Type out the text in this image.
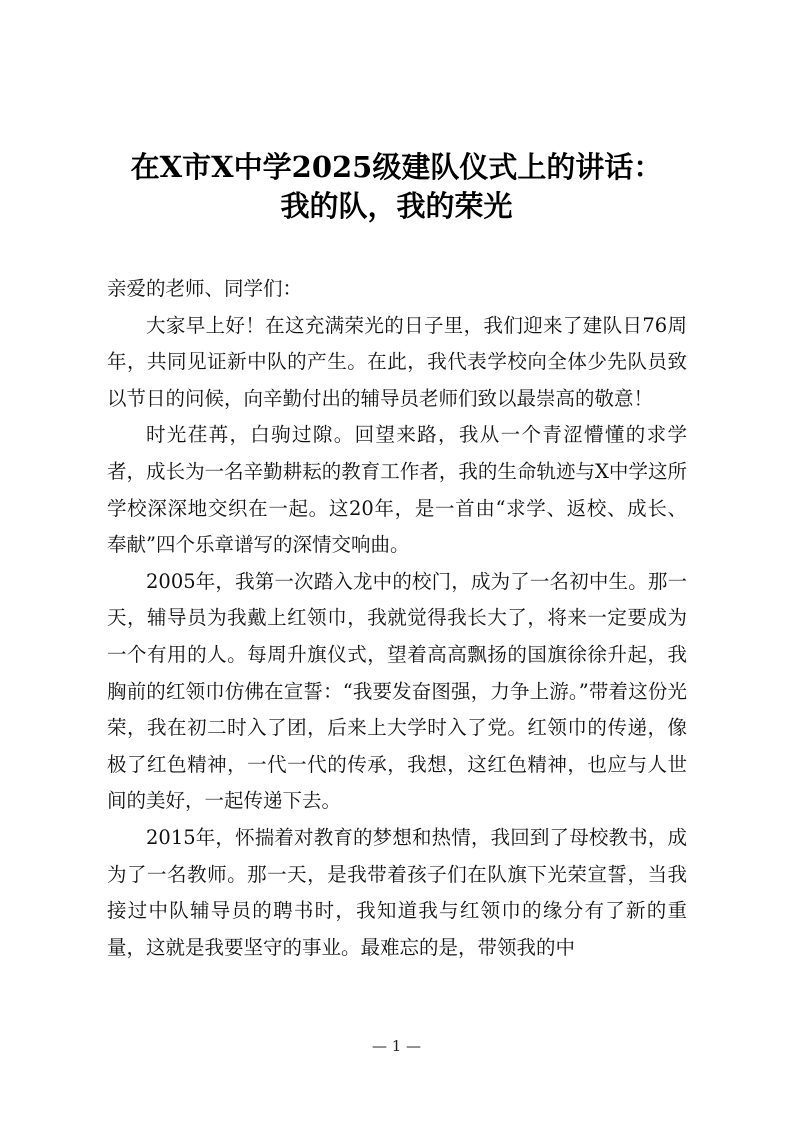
在X市X中学2025级建队仪式上的讲话：
我的队，我的荣光

亲爱的老师、同学们：

大家早上好！在这充满荣光的日子里，我们迎来了建队日76周年，共同见证新中队的产生。在此，我代表学校向全体少先队员致以节日的问候，向辛勤付出的辅导员老师们致以最崇高的敬意！

时光荏苒，白驹过隙。回望来路，我从一个青涩懵懂的求学者，成长为一名辛勤耕耘的教育工作者，我的生命轨迹与X中学这所学校深深地交织在一起。这20年，是一首由“求学、返校、成长、奉献”四个乐章谱写的深情交响曲。

2005年，我第一次踏入龙中的校门，成为了一名初中生。那一天，辅导员为我戴上红领巾，我就觉得我长大了，将来一定要成为一个有用的人。每周升旗仪式，望着高高飘扬的国旗徐徐升起，我胸前的红领巾仿佛在宣誓：“我要发奋图强，力争上游。”带着这份光荣，我在初二时入了团，后来上大学时入了党。红领巾的传递，像极了红色精神，一代一代的传承，我想，这红色精神，也应与人世间的美好，一起传递下去。

2015年，怀揣着对教育的梦想和热情，我回到了母校教书，成为了一名教师。那一天，是我带着孩子们在队旗下光荣宣誓，当我接过中队辅导员的聘书时，我知道我与红领巾的缘分有了新的重量，这就是我要坚守的事业。最难忘的是，带领我的中

— 1 —
